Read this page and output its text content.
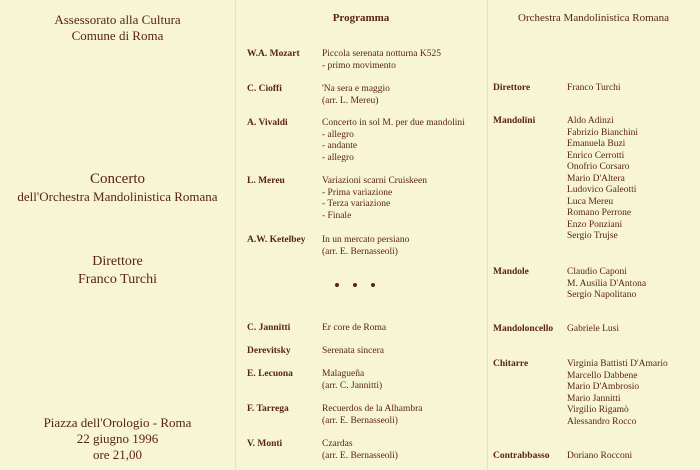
Assessorato alla Cultura
Comune di Roma
Concerto
dell'Orchestra Mandolinistica Romana
Direttore
Franco Turchi
Piazza dell'Orologio - Roma
22 giugno 1996
ore 21,00
Programma
W.A. Mozart	Piccola serenata notturna K525
- primo movimento
C. Cioffi	'Na sera e maggio
(arr. L. Mereu)
A. Vivaldi	Concerto in sol M. per due mandolini
- allegro
- andante
- allegro
L. Mereu	Variazioni scarni Cruiskeen
- Prima variazione
- Terza variazione
- Finale
A.W. Ketelbey	In un mercato persiano
(arr. E. Bernasseoli)
C. Jannitti	Er core de Roma
Derevitsky	Serenata sincera
E. Lecuona	Malagueña
(arr. C. Jannitti)
F. Tarrega	Recuerdos de la Alhambra
(arr. E. Bernasseoli)
V. Monti	Czardas
(arr. E. Bernasseoli)
Orchestra Mandolinistica Romana
Direttore	Franco Turchi
Mandolini	Aldo Adinzi
Fabrizio Bianchini
Emanuela Buzi
Enrico Cerrotti
Onofrio Corsaro
Mario D'Altera
Ludovico Galeotti
Luca Mereu
Romano Perrone
Enzo Ponziani
Sergio Trujse
Mandole	Claudio Caponi
M. Ausilia D'Antona
Sergio Napolitano
Mandoloncello Gabriele Lusi
Chitarre	Virginia Battisti D'Amario
Marcello Dabbene
Mario D'Ambrosio
Mario Jannitti
Virgilio Rigamò
Alessandro Rocco
Contrabbasso Doriano Rocconi
